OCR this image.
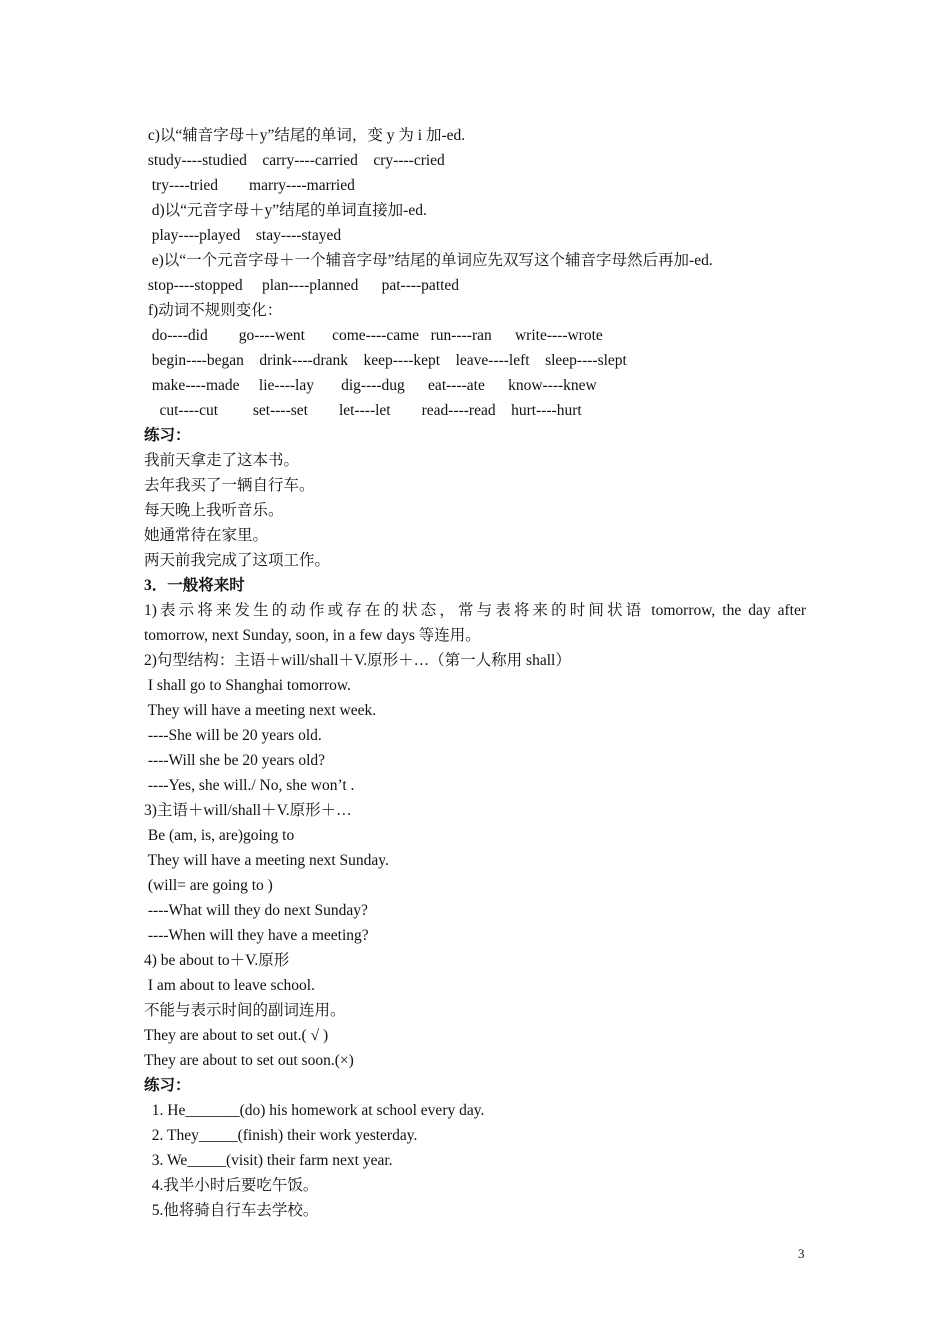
c)以“辅音字母＋y”结尾的单词，变 y 为 i 加-ed.
study----studied    carry----carried    cry----cried
try----tried        marry----married
d)以“元音字母＋y”结尾的单词直接加-ed.
play----played    stay----stayed
e)以“一个元音字母＋一个辅音字母”结尾的单词应先双写这个辅音字母然后再加-ed.
stop----stopped     plan----planned      pat----patted
f)动词不规则变化：
do----did        go----went       come----came   run----ran      write----wrote
begin----began    drink----drank    keep----kept    leave----left    sleep----slept
make----made     lie----lay       dig----dug      eat----ate      know----knew
cut----cut         set----set        let----let        read----read    hurt----hurt
练习：
我前天拿走了这本书。
去年我买了一辆自行车。
每天晚上我听音乐。
她通常待在家里。
两天前我完成了这项工作。
3．一般将来时
1)表示将来发生的动作或存在的状态，常与表将来的时间状语 tomorrow, the day after
tomorrow, next Sunday, soon, in a few days 等连用。
2)句型结构：主语＋will/shall＋V.原形＋…（第一人称用 shall）
I shall go to Shanghai tomorrow.
They will have a meeting next week.
----She will be 20 years old.
----Will she be 20 years old?
----Yes, she will./ No, she won’t .
3)主语＋will/shall＋V.原形＋…
Be (am, is, are)going to
They will have a meeting next Sunday.
(will= are going to )
----What will they do next Sunday?
----When will they have a meeting?
4) be about to＋V.原形
I am about to leave school.
不能与表示时间的副词连用。
They are about to set out.( √ )
They are about to set out soon.(×)
练习：
1. He_______(do) his homework at school every day.
2. They_____(finish) their work yesterday.
3. We_____(visit) their farm next year.
4.我半小时后要吃午饭。
5.他将骑自行车去学校。
3
